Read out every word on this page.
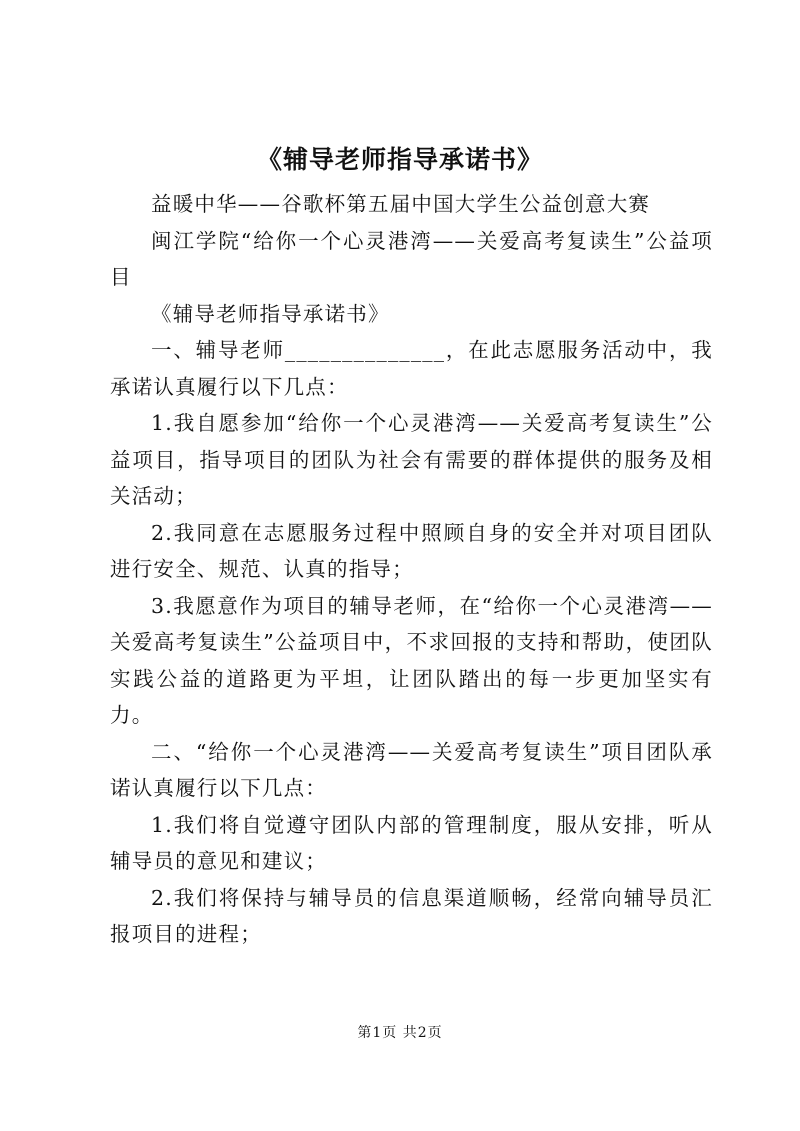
《辅导老师指导承诺书》

益暖中华——谷歌杯第五届中国大学生公益创意大赛

闽江学院“给你一个心灵港湾——关爱高考复读生”公益项目

《辅导老师指导承诺书》

一、辅导老师______________，在此志愿服务活动中，我承诺认真履行以下几点：

1.我自愿参加“给你一个心灵港湾——关爱高考复读生”公益项目，指导项目的团队为社会有需要的群体提供的服务及相关活动；

2.我同意在志愿服务过程中照顾自身的安全并对项目团队进行安全、规范、认真的指导；

3.我愿意作为项目的辅导老师，在“给你一个心灵港湾——关爱高考复读生”公益项目中，不求回报的支持和帮助，使团队实践公益的道路更为平坦，让团队踏出的每一步更加坚实有力。

二、“给你一个心灵港湾——关爱高考复读生”项目团队承诺认真履行以下几点：

1.我们将自觉遵守团队内部的管理制度，服从安排，听从辅导员的意见和建议；

2.我们将保持与辅导员的信息渠道顺畅，经常向辅导员汇报项目的进程；

第1页 共2页
